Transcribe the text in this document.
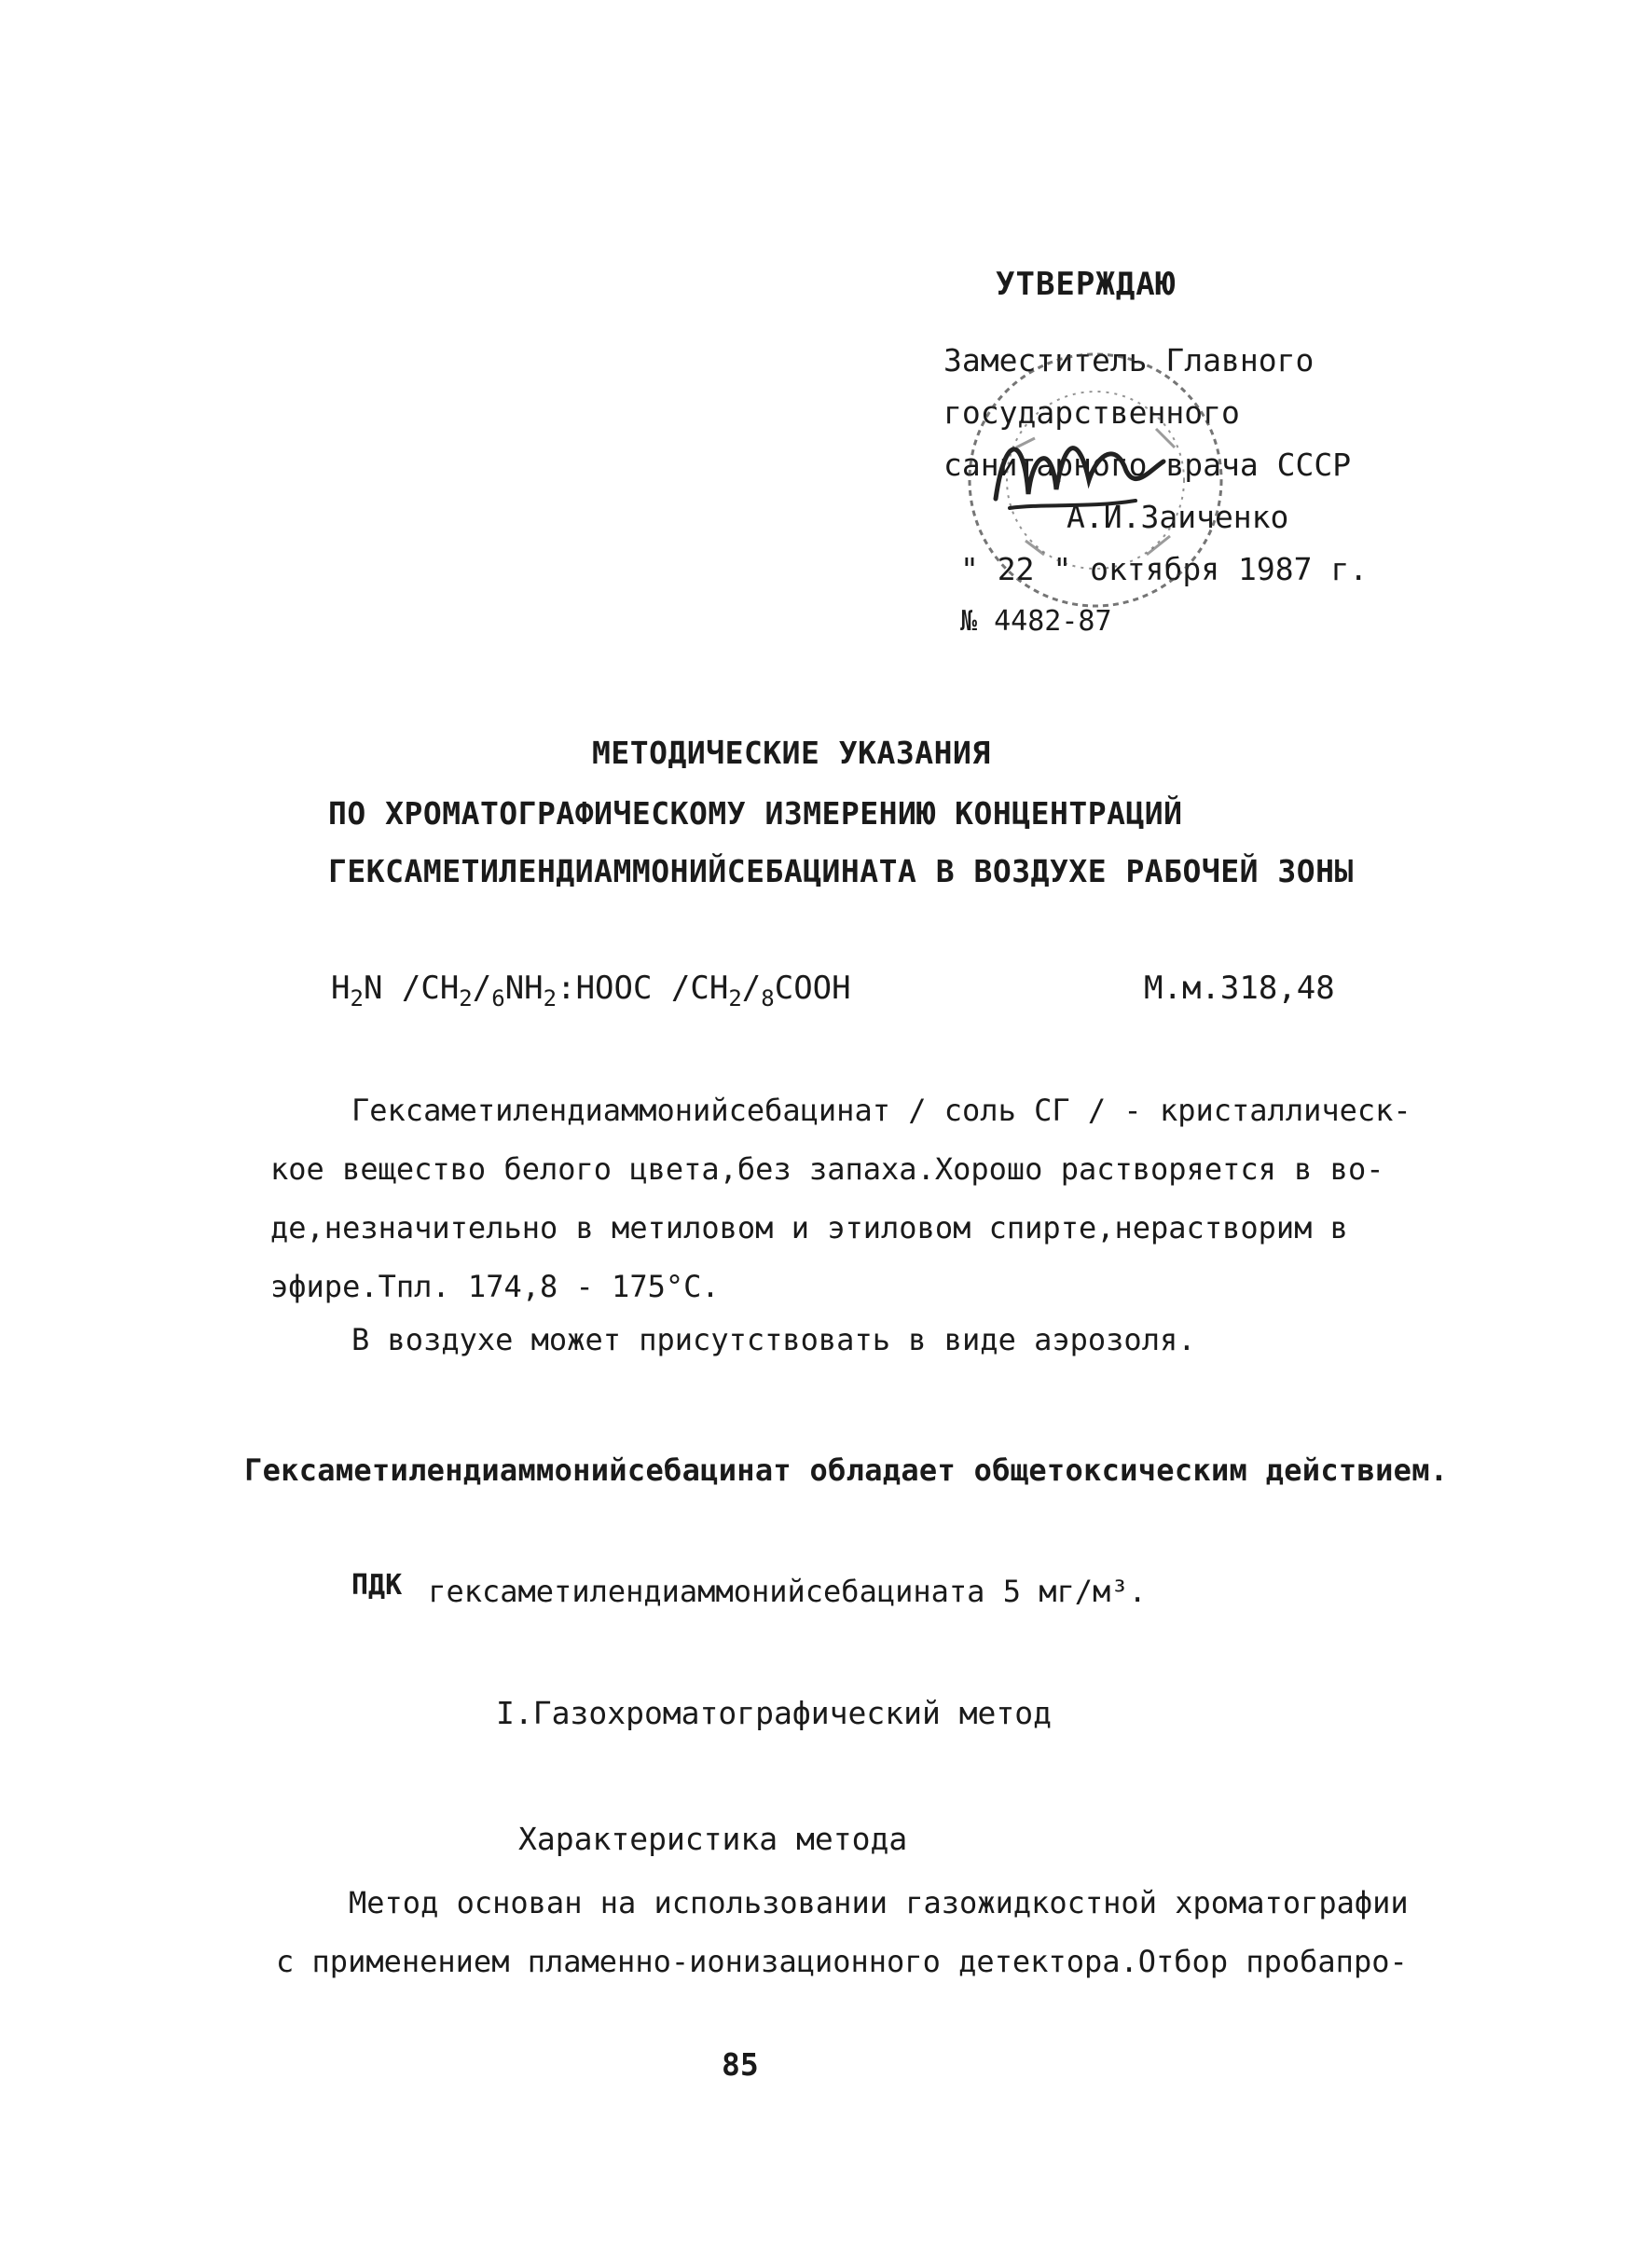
УТВЕРЖДАЮ
Заместитель Главного
государственного
санитарного врача СССР
А.И.Заиченко
" 22 " октября 1987 г.
№ 4482-87
МЕТОДИЧЕСКИЕ УКАЗАНИЯ
ПО ХРОМАТОГРАФИЧЕСКОМУ ИЗМЕРЕНИЮ КОНЦЕНТРАЦИЙ
ГЕКСАМЕТИЛЕНДИАММОНИЙСЕБАЦИНАТА В ВОЗДУХЕ РАБОЧЕЙ ЗОНЫ
$H_2N$ $/CH_2/_6NH_2:HOOC$ $/CH_2/_8COOH$	М.м.318,48
Гексаметилендиаммонийсебацинат / соль СГ / - кристаллическ-
кое вещество белого цвета,без запаха.Хорошо растворяется в во-
де,незначительно в метиловом и этиловом спирте,нерастворим в
эфире.Тпл. 174,8 - 175°С.
В воздухе может присутствовать в виде аэрозоля.
Гексаметилендиаммонийсебацинат обладает общетоксическим действием.
ПДК гексаметилендиаммонийсебацината 5 мг/м³.
I.Газохроматографический метод
Характеристика метода
Метод основан на использовании газожидкостной хроматографии
с применением пламенно-ионизационного детектора.Отбор пробапро-
85
